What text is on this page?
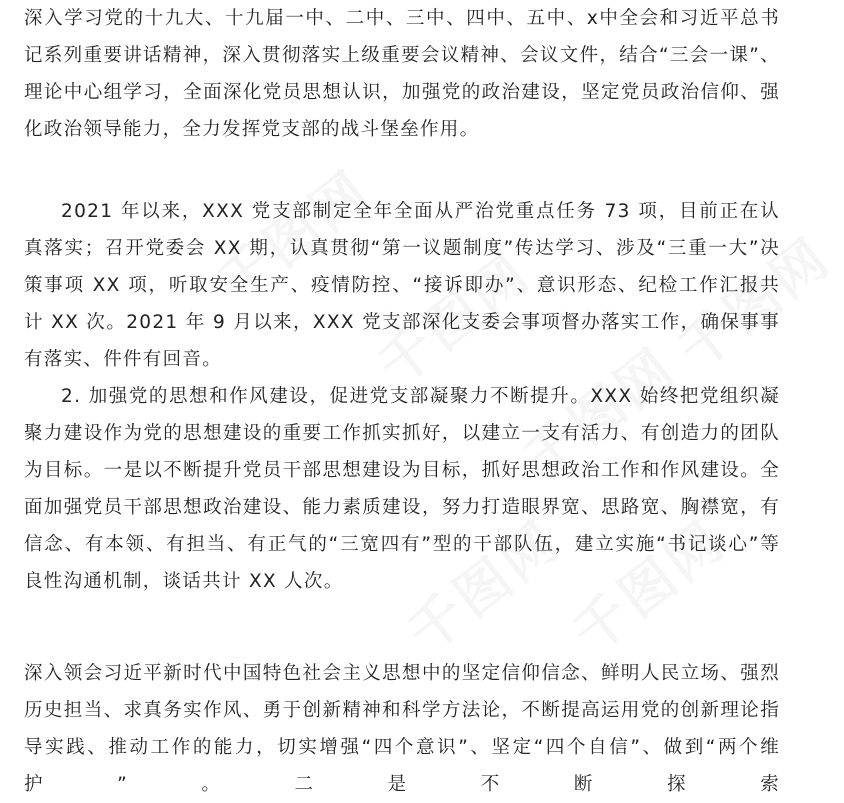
千图网
千图网
千图网
千图网
千图网
千图网

深入学习党的十九大、十九届一中、二中、三中、四中、五中、x中全会和习近平总书记系列重要讲话精神，深入贯彻落实上级重要会议精神、会议文件，结合“三会一课”、理论中心组学习，全面深化党员思想认识，加强党的政治建设，坚定党员政治信仰、强化政治领导能力，全力发挥党支部的战斗堡垒作用。

2021 年以来，XXX 党支部制定全年全面从严治党重点任务 73 项，目前正在认真落实；召开党委会 XX 期，认真贯彻“第一议题制度”传达学习、涉及“三重一大”决策事项 XX 项，听取安全生产、疫情防控、“接诉即办”、意识形态、纪检工作汇报共计 XX 次。2021 年 9 月以来，XXX 党支部深化支委会事项督办落实工作，确保事事有落实、件件有回音。

2. 加强党的思想和作风建设，促进党支部凝聚力不断提升。XXX 始终把党组织凝聚力建设作为党的思想建设的重要工作抓实抓好，以建立一支有活力、有创造力的团队为目标。一是以不断提升党员干部思想建设为目标，抓好思想政治工作和作风建设。全面加强党员干部思想政治建设、能力素质建设，努力打造眼界宽、思路宽、胸襟宽，有信念、有本领、有担当、有正气的“三宽四有”型的干部队伍，建立实施“书记谈心”等良性沟通机制，谈话共计 XX 人次。

深入领会习近平新时代中国特色社会主义思想中的坚定信仰信念、鲜明人民立场、强烈历史担当、求真务实作风、勇于创新精神和科学方法论，不断提高运用党的创新理论指导实践、推动工作的能力，切实增强“四个意识”、坚定“四个自信”、做到“两个维护”。二是不断探索
